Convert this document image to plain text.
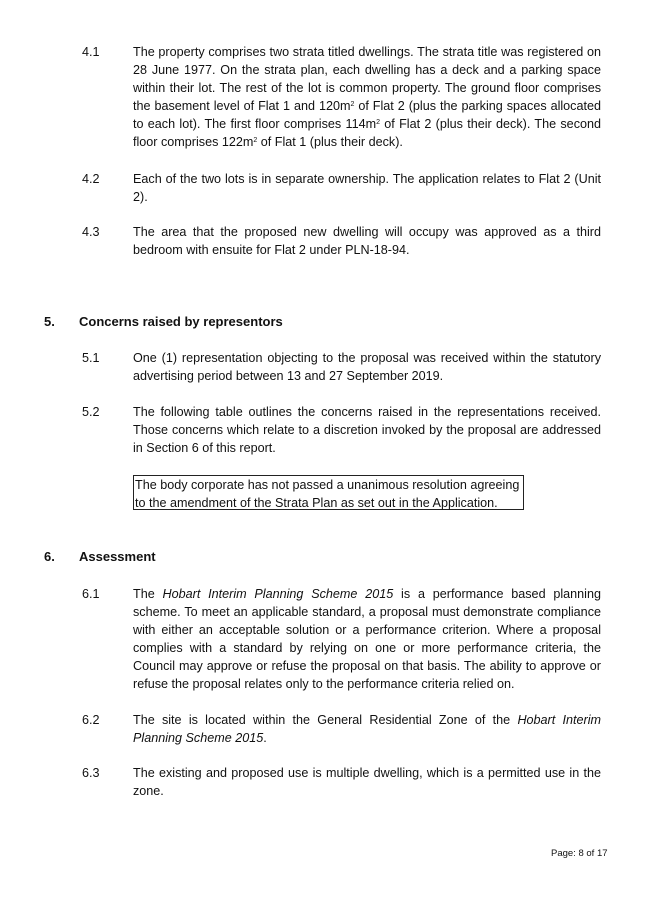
4.1	The property comprises two strata titled dwellings. The strata title was registered on 28 June 1977. On the strata plan, each dwelling has a deck and a parking space within their lot. The rest of the lot is common property. The ground floor comprises the basement level of Flat 1 and $120m^2$ of Flat 2 (plus the parking spaces allocated to each lot). The first floor comprises $114m^2$ of Flat 2 (plus their deck). The second floor comprises $122m^2$ of Flat 1 (plus their deck).
4.2	Each of the two lots is in separate ownership. The application relates to Flat 2 (Unit 2).
4.3	The area that the proposed new dwelling will occupy was approved as a third bedroom with ensuite for Flat 2 under PLN-18-94.
5. Concerns raised by representors
5.1	One (1) representation objecting to the proposal was received within the statutory advertising period between 13 and 27 September 2019.
5.2	The following table outlines the concerns raised in the representations received. Those concerns which relate to a discretion invoked by the proposal are addressed in Section 6 of this report.
The body corporate has not passed a unanimous resolution agreeing to the amendment of the Strata Plan as set out in the Application.
6. Assessment
6.1	The Hobart Interim Planning Scheme 2015 is a performance based planning scheme. To meet an applicable standard, a proposal must demonstrate compliance with either an acceptable solution or a performance criterion. Where a proposal complies with a standard by relying on one or more performance criteria, the Council may approve or refuse the proposal on that basis. The ability to approve or refuse the proposal relates only to the performance criteria relied on.
6.2	The site is located within the General Residential Zone of the Hobart Interim Planning Scheme 2015.
6.3	The existing and proposed use is multiple dwelling, which is a permitted use in the zone.
Page: 8 of 17
